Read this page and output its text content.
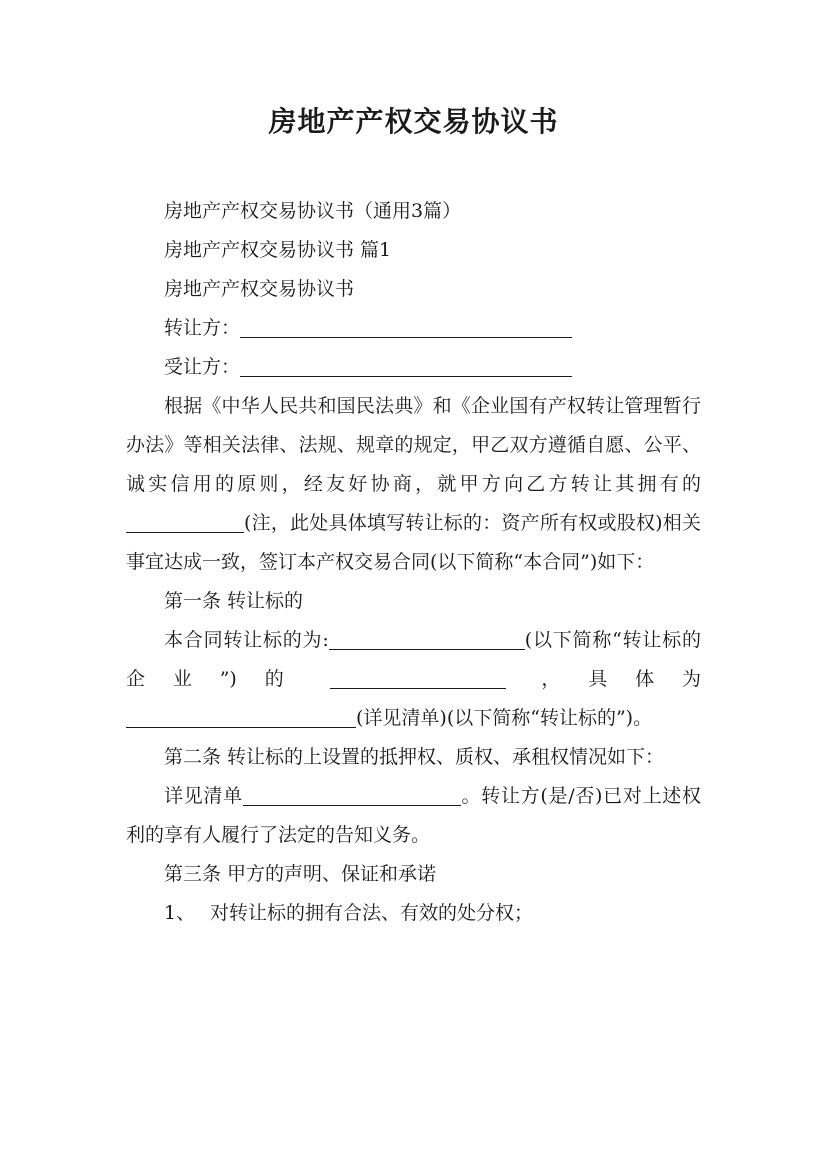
房地产产权交易协议书

房地产产权交易协议书（通用3篇）

房地产产权交易协议书 篇1

房地产产权交易协议书

转让方：

受让方：

根据《中华人民共和国民法典》和《企业国有产权转让管理暂行办法》等相关法律、法规、规章的规定，甲乙双方遵循自愿、公平、诚实信用的原则，经友好协商，就甲方向乙方转让其拥有的(注，此处具体填写转让标的：资产所有权或股权)相关事宜达成一致，签订本产权交易合同(以下简称“本合同”)如下：

第一条 转让标的

本合同转让标的为:	(以下简称“转让标的企业”)的	，具体为(详见清单)(以下简称“转让标的”)。

第二条 转让标的上设置的抵押权、质权、承租权情况如下：

详见清单	。转让方(是/否)已对上述权利的享有人履行了法定的告知义务。

第三条 甲方的声明、保证和承诺

1、 对转让标的拥有合法、有效的处分权；
